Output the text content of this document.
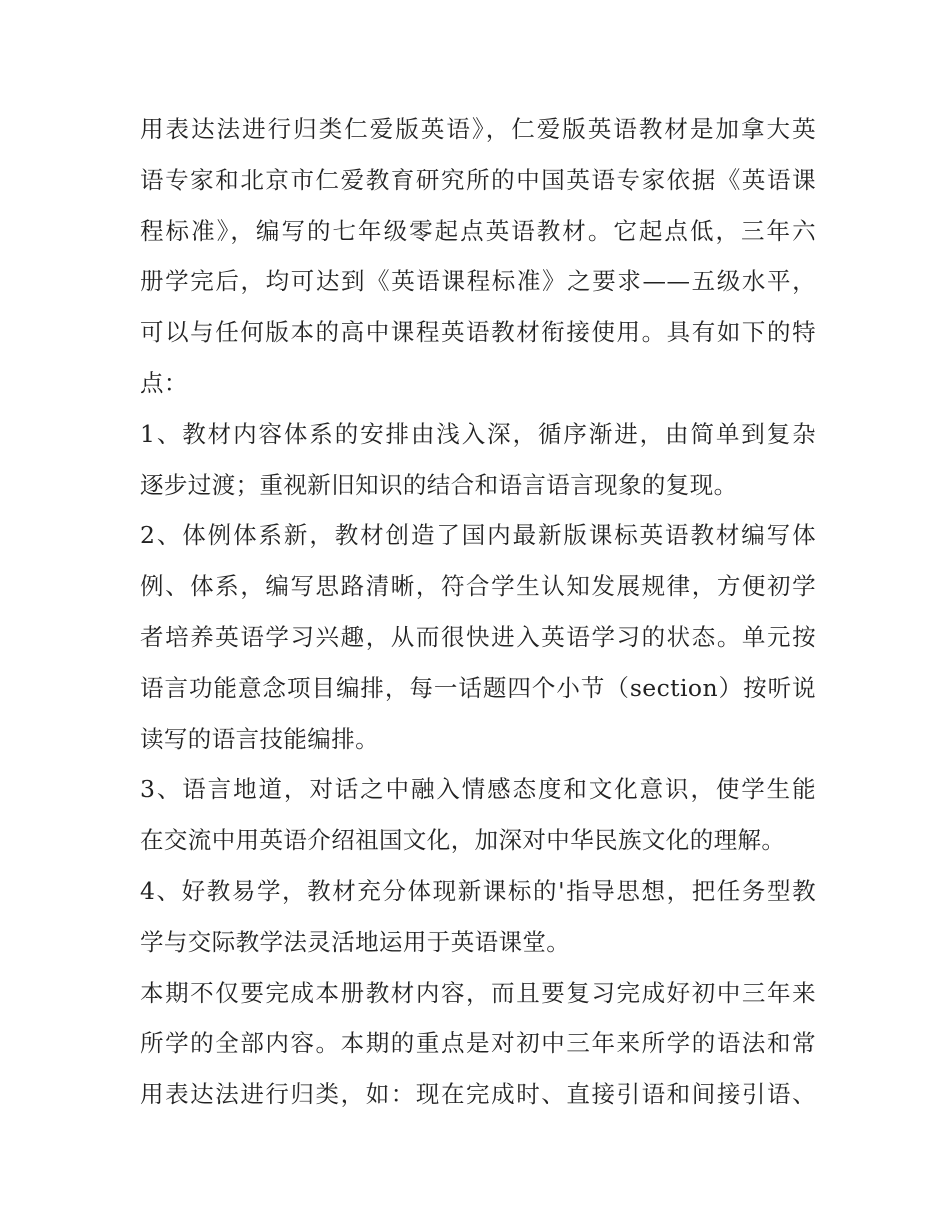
用表达法进行归类仁爱版英语》，仁爱版英语教材是加拿大英
语专家和北京市仁爱教育研究所的中国英语专家依据《英语课
程标准》，编写的七年级零起点英语教材。它起点低，三年六
册学完后，均可达到《英语课程标准》之要求——五级水平，
可以与任何版本的高中课程英语教材衔接使用。具有如下的特
点：

1、教材内容体系的安排由浅入深，循序渐进，由简单到复杂
逐步过渡；重视新旧知识的结合和语言语言现象的复现。

2、体例体系新，教材创造了国内最新版课标英语教材编写体
例、体系，编写思路清晰，符合学生认知发展规律，方便初学
者培养英语学习兴趣，从而很快进入英语学习的状态。单元按
语言功能意念项目编排，每一话题四个小节（section）按听说
读写的语言技能编排。

3、语言地道，对话之中融入情感态度和文化意识，使学生能
在交流中用英语介绍祖国文化，加深对中华民族文化的理解。

4、好教易学，教材充分体现新课标的'指导思想，把任务型教
学与交际教学法灵活地运用于英语课堂。

本期不仅要完成本册教材内容，而且要复习完成好初中三年来
所学的全部内容。本期的重点是对初中三年来所学的语法和常
用表达法进行归类，如：现在完成时、直接引语和间接引语、
